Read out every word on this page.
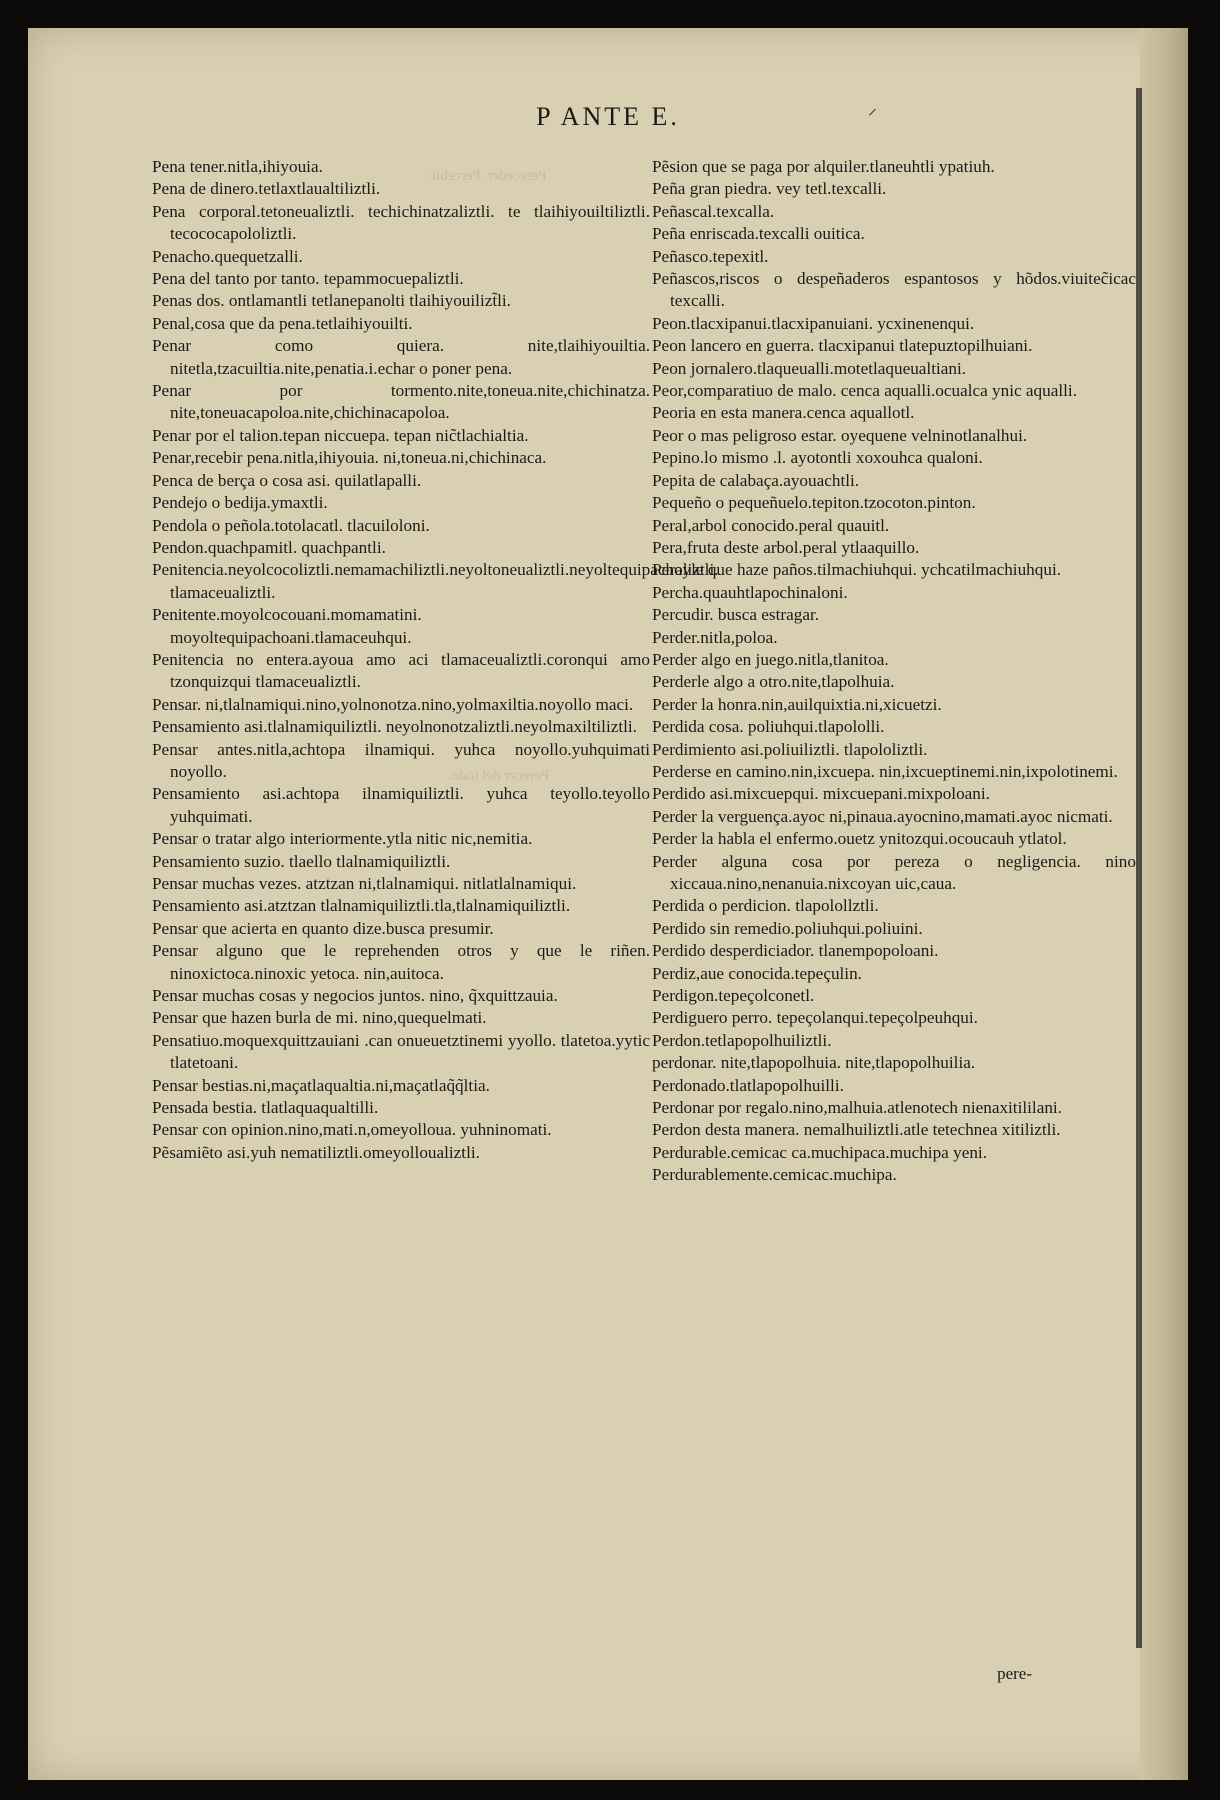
Pereceder. Percebir.
Perecer del todo.
P ANTE E.	⸝

Pena tener.nitla,ihiyouia.

Pena de dinero.tetlaxtlaualtiliztli.

Pena corporal.tetoneualiztli. techichinatzaliztli. te tlaihiyouiltiliztli. tecococapololiztli.

Penacho.quequetzalli.

Pena del tanto por tanto. tepammocuepaliztli.

Penas dos. ontlamantli tetlanepanolti tlaihiyouilizt̃li.

Penal,cosa que da pena.tetlaihiyouilti.

Penar como quiera. nite,tlaihiyouiltia. nitetla,tzacuiltia.nite,penatia.i.echar o poner pena.

Penar por tormento.nite,toneua.nite,chichinatza. nite,toneuacapoloa.nite,chichinacapoloa.

Penar por el talion.tepan niccuepa. tepan nic̃tlachialtia.

Penar,recebir pena.nitla,ihiyouia. ni,toneua.ni,chichinaca.

Penca de berça o cosa asi. quilatlapalli.

Pendejo o bedija.ymaxtli.

Pendola o peñola.totolacatl. tlacuiloloni.

Pendon.quachpamitl. quachpantli.

Penitencia.neyolcocoliztli.nemamachiliztli.neyoltoneualiztli.neyoltequipacholiztli. tlamaceualiztli.

Penitente.moyolcocouani.momamatini. moyoltequipachoani.tlamaceuhqui.

Penitencia no entera.ayoua amo aci tlamaceualiztli.coronqui amo tzonquizqui tlamaceualiztli.

Pensar. ni,tlalnamiqui.nino,yolnonotza.nino,yolmaxiltia.noyollo maci.

Pensamiento asi.tlalnamiquiliztli. neyolnonotzaliztli.neyolmaxiltiliztli.

Pensar antes.nitla,achtopa ilnamiqui. yuhca noyollo.yuhquimati noyollo.

Pensamiento asi.achtopa ilnamiquiliztli. yuhca teyollo.teyollo yuhquimati.

Pensar o tratar algo interiormente.ytla nitic nic,nemitia.

Pensamiento suzio. tlaello tlalnamiquiliztli.

Pensar muchas vezes. atztzan ni,tlalnamiqui. nitlatlalnamiqui.

Pensamiento asi.atztzan tlalnamiquiliztli.tla,tlalnamiquiliztli.

Pensar que acierta en quanto dize.busca presumir.

Pensar alguno que le reprehenden otros y que le riñen. ninoxictoca.ninoxic yetoca. nin,auitoca.

Pensar muchas cosas y negocios juntos. nino, q̃xquittzauia.

Pensar que hazen burla de mi. nino,quequelmati.

Pensatiuo.moquexquittzauiani .can onueuetztinemi yyollo. tlatetoa.yytic tlatetoani.

Pensar bestias.ni,maçatlaqualtia.ni,maçatlaq̃q̃ltia.

Pensada bestia. tlatlaquaqualtilli.

Pensar con opinion.nino,mati.n,omeyolloua. yuhninomati.

Pẽsamiẽto asi.yuh nematiliztli.omeyolloualiztli.

Pẽsion que se paga por alquiler.tlaneuhtli ypatiuh.

Peña gran piedra. vey tetl.texcalli.

Peñascal.texcalla.

Peña enriscada.texcalli ouitica.

Peñasco.tepexitl.

Peñascos,riscos o despeñaderos espantosos y hõdos.viuitec̃icac texcalli.

Peon.tlacxipanui.tlacxipanuiani. ycxinenenqui.

Peon lancero en guerra. tlacxipanui tlatepuztopilhuiani.

Peon jornalero.tlaqueualli.motetlaqueualtiani.

Peor,comparatiuo de malo. cenca aqualli.ocualca ynic aqualli.

Peoria en esta manera.cenca aquallotl.

Peor o mas peligroso estar. oyequene velninotlanalhui.

Pepino.lo mismo .l. ayotontli xoxouhca qualoni.

Pepita de calabaça.ayouachtli.

Pequeño o pequeñuelo.tepiton.tzocoton.pinton.

Peral,arbol conocido.peral quauitl.

Pera,fruta deste arbol.peral ytlaaquillo.

Perayle que haze paños.tilmachiuhqui. ychcatilmachiuhqui.

Percha.quauhtlapochinaloni.

Percudir. busca estragar.

Perder.nitla,poloa.

Perder algo en juego.nitla,tlanitoa.

Perderle algo a otro.nite,tlapolhuia.

Perder la honra.nin,auilquixtia.ni,xicuetzi.

Perdida cosa. poliuhqui.tlapololli.

Perdimiento asi.poliuiliztli. tlapololiztli.

Perderse en camino.nin,ixcuepa. nin,ixcueptinemi.nin,ixpolotinemi.

Perdido asi.mixcuepqui. mixcuepani.mixpoloani.

Perder la verguença.ayoc ni,pinaua.ayocnino,mamati.ayoc nicmati.

Perder la habla el enfermo.ouetz ynitozqui.ocoucauh ytlatol.

Perder alguna cosa por pereza o negligencia. nino xiccaua.nino,nenanuia.nixcoyan uic,caua.

Perdida o perdicion. tlapolollztli.

Perdido sin remedio.poliuhqui.poliuini.

Perdido desperdiciador. tlanempopoloani.

Perdiz,aue conocida.tepeçulin.

Perdigon.tepeçolconetl.

Perdiguero perro. tepeçolanqui.tepeçolpeuhqui.

Perdon.tetlapopolhuiliztli.

perdonar. nite,tlapopolhuia. nite,tlapopolhuilia.

Perdonado.tlatlapopolhuilli.

Perdonar por regalo.nino,malhuia.atlenotech nienaxitililani.

Perdon desta manera. nemalhuiliztli.atle tetechnea xitiliztli.

Perdurable.cemicac ca.muchipaca.muchipa yeni.

Perdurablemente.cemicac.muchipa.

pere-
